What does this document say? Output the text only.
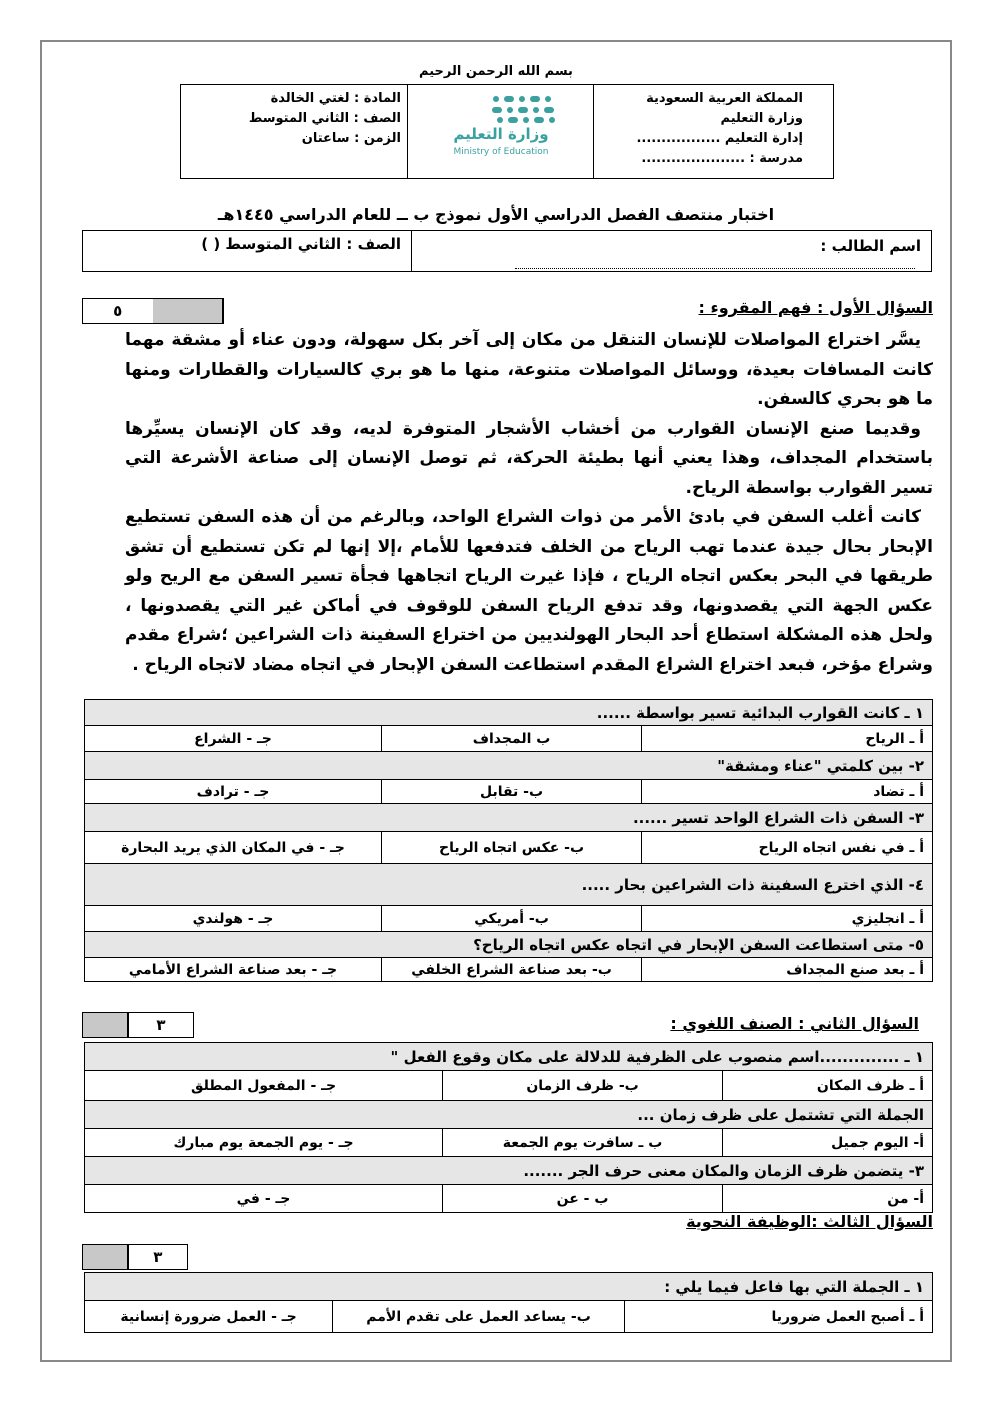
بسم الله الرحمن الرحيم
المملكة العربية السعودية
وزارة التعليم
إدارة التعليم .................
مدرسة : .....................
وزارة التعليم
Ministry of Education
المادة : لغتي الخالدة
الصف : الثاني المتوسط
الزمن : ساعتان
اختبار منتصف الفصل الدراسي الأول نموذج ب ــ للعام الدراسي ١٤٤٥هـ
اسم الطالب :
الصف : الثاني المتوسط ( )
٥	السؤال الأول : فهم المقروء :

يسَّر اختراع المواصلات للإنسان التنقل من مكان إلى آخر بكل سهولة، ودون عناء أو مشقة مهما كانت المسافات بعيدة، ووسائل المواصلات متنوعة، منها ما هو بري كالسيارات والقطارات ومنها ما هو بحري كالسفن.

وقديما صنع الإنسان القوارب من أخشاب الأشجار المتوفرة لديه، وقد كان الإنسان يسيِّرها باستخدام المجداف، وهذا يعني أنها بطيئة الحركة، ثم توصل الإنسان إلى صناعة الأشرعة التي تسير القوارب بواسطة الرياح.

كانت أغلب السفن في بادئ الأمر من ذوات الشراع الواحد، وبالرغم من أن هذه السفن تستطيع الإبحار بحال جيدة عندما تهب الرياح من الخلف فتدفعها للأمام ،إلا إنها لم تكن تستطيع أن تشق طريقها في البحر بعكس اتجاه الرياح ، فإذا غيرت الرياح اتجاهها فجأة تسير السفن مع الريح ولو عكس الجهة التي يقصدونها، وقد تدفع الرياح السفن للوقوف في أماكن غير التي يقصدونها ، ولحل هذه المشكلة استطاع أحد البحار الهولنديين من اختراع السفينة ذات الشراعين ؛شراع مقدم وشراع مؤخر، فبعد اختراع الشراع المقدم استطاعت السفن الإبحار في اتجاه مضاد لاتجاه الرياح .

١ ـ كانت القوارب البدائية تسير بواسطة ......		
أ ـ الرياح	ب المجداف	جـ - الشراع
٢- بين كلمتي "عناء ومشقة"		
أ ـ تضاد	ب- تقابل	جـ - ترادف
٣- السفن ذات الشراع الواحد تسير ......		
أ ـ في نفس اتجاه الرياح	ب- عكس اتجاه الرياح	جـ - في المكان الذي يريد البحارة
٤- الذي اخترع السفينة ذات الشراعين بحار .....		
أ ـ انجليزي	ب- أمريكي	جـ - هولندي
٥- متى استطاعت السفن الإبحار في اتجاه عكس اتجاه الرياح؟		
أ ـ بعد صنع المجداف	ب- بعد صناعة الشراع الخلفي	جـ - بعد صناعة الشراع الأمامي
٣	السؤال الثاني : الصنف اللغوي :
١ ـ ..............اسم منصوب على الظرفية للدلالة على مكان وقوع الفعل "		
أ ـ ظرف المكان	ب- ظرف الزمان	جـ - المفعول المطلق
الجملة التي تشتمل على ظرف زمان ...		
أ- اليوم جميل	ب ـ سافرت يوم الجمعة	جـ - يوم الجمعة يوم مبارك
٣- يتضمن ظرف الزمان والمكان معنى حرف الجر .......		
أ- من	ب - عن	جـ - في
السؤال الثالث :الوظيفة النحوية
٣
١ ـ الجملة التي بها فاعل فيما يلي :
أ ـ أصبح العمل ضروريا	ب- يساعد العمل على تقدم الأمم	جـ - العمل ضرورة إنسانية
